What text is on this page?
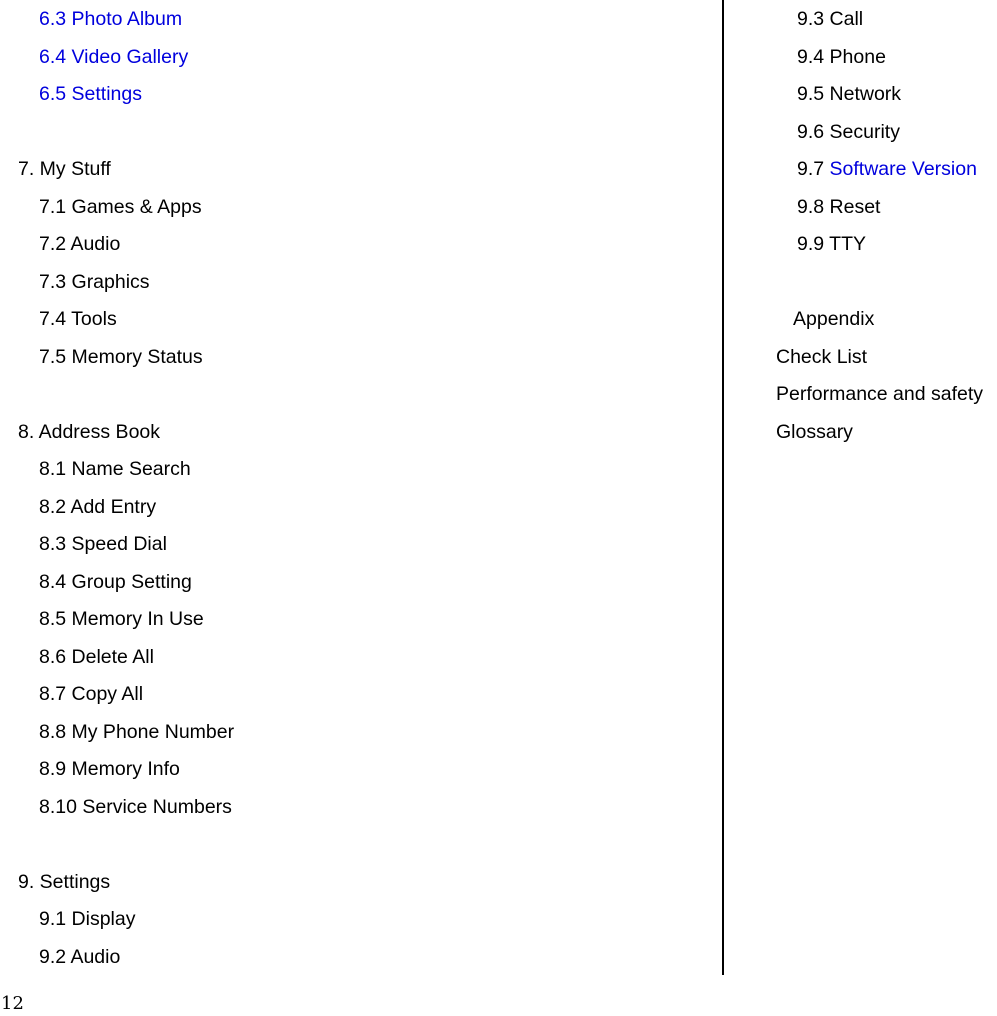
6.3 Photo Album
6.4 Video Gallery
6.5 Settings
7. My Stuff
7.1 Games & Apps
7.2 Audio
7.3 Graphics
7.4 Tools
7.5 Memory Status
8. Address Book
8.1 Name Search
8.2 Add Entry
8.3 Speed Dial
8.4 Group Setting
8.5 Memory In Use
8.6 Delete All
8.7 Copy All
8.8 My Phone Number
8.9 Memory Info
8.10 Service Numbers
9. Settings
9.1 Display
9.2 Audio
9.3 Call
9.4 Phone
9.5 Network
9.6 Security
9.7 Software Version
9.8 Reset
9.9 TTY
Appendix
Check List
Performance and safety
Glossary
12
